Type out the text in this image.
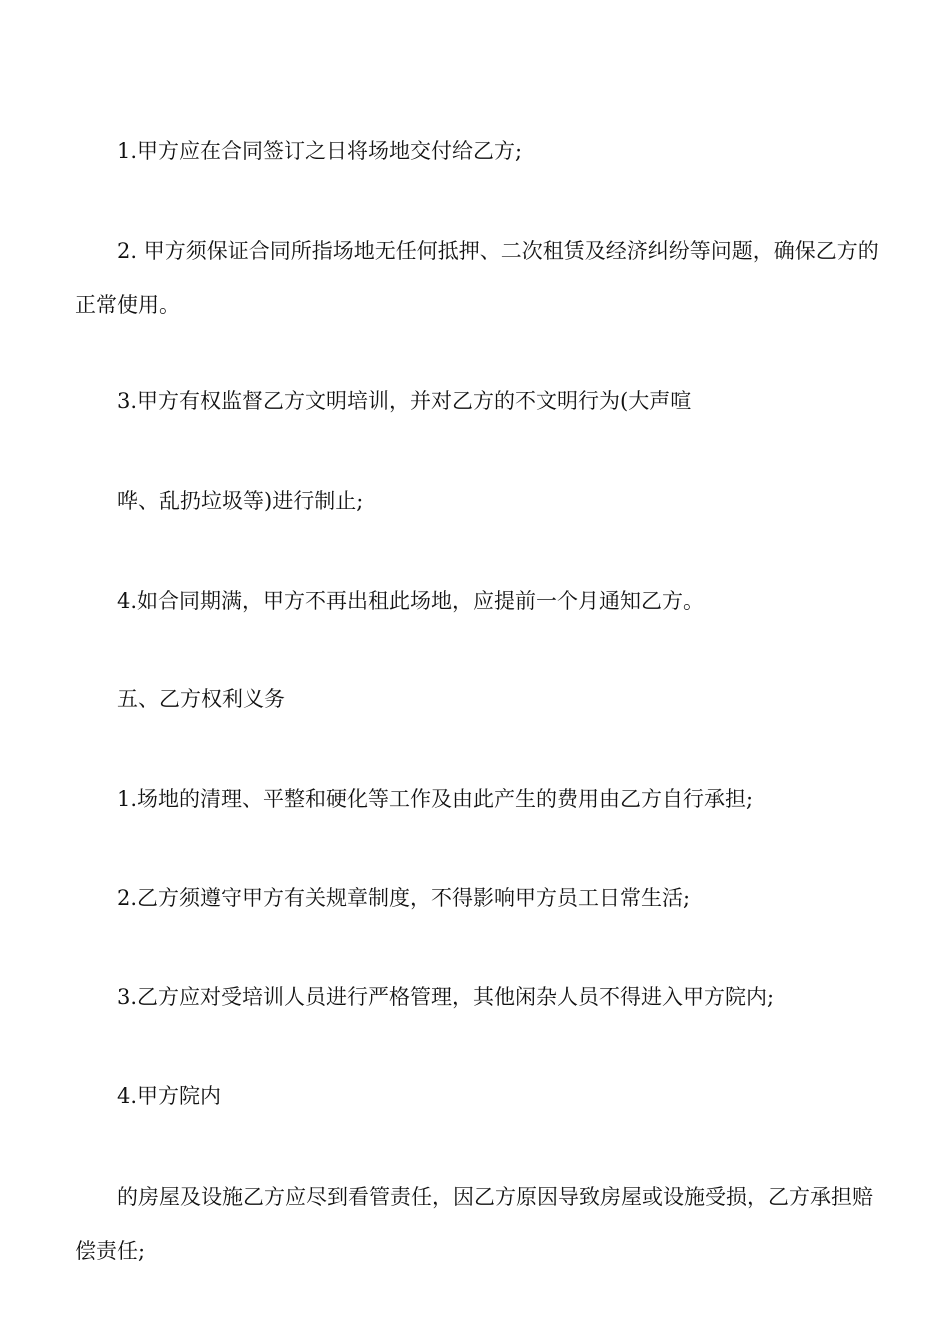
1.甲方应在合同签订之日将场地交付给乙方;

2. 甲方须保证合同所指场地无任何抵押、二次租赁及经济纠纷等问题，确保乙方的正常使用。

3.甲方有权监督乙方文明培训，并对乙方的不文明行为(大声喧

哗、乱扔垃圾等)进行制止;

4.如合同期满，甲方不再出租此场地，应提前一个月通知乙方。

五、乙方权利义务

1.场地的清理、平整和硬化等工作及由此产生的费用由乙方自行承担;

2.乙方须遵守甲方有关规章制度，不得影响甲方员工日常生活;

3.乙方应对受培训人员进行严格管理，其他闲杂人员不得进入甲方院内;

4.甲方院内

的房屋及设施乙方应尽到看管责任，因乙方原因导致房屋或设施受损，乙方承担赔偿责任;
